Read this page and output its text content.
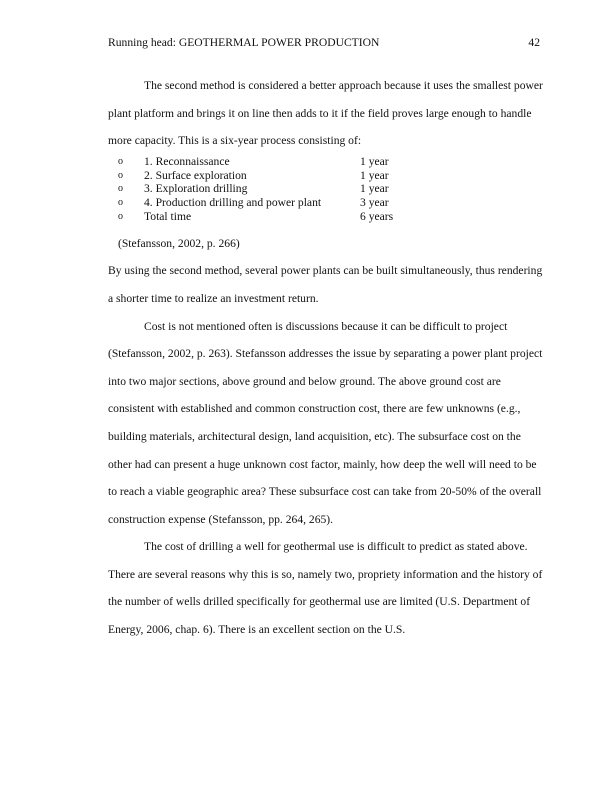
Running head: GEOTHERMAL POWER PRODUCTION	42

The second method is considered a better approach because it uses the smallest power plant platform and brings it on line then adds to it if the field proves large enough to handle more capacity. This is a six-year process consisting of:

o 1. Reconnaissance	1 year
o 2. Surface exploration	1 year
o 3. Exploration drilling	1 year
o 4. Production drilling and power plant	3 year
o Total time	6 years

(Stefansson, 2002, p. 266)

By using the second method, several power plants can be built simultaneously, thus rendering a shorter time to realize an investment return.

Cost is not mentioned often is discussions because it can be difficult to project (Stefansson, 2002, p. 263). Stefansson addresses the issue by separating a power plant project into two major sections, above ground and below ground. The above ground cost are consistent with established and common construction cost, there are few unknowns (e.g., building materials, architectural design, land acquisition, etc). The subsurface cost on the other had can present a huge unknown cost factor, mainly, how deep the well will need to be to reach a viable geographic area? These subsurface cost can take from 20-50% of the overall construction expense (Stefansson, pp. 264, 265).

The cost of drilling a well for geothermal use is difficult to predict as stated above. There are several reasons why this is so, namely two, propriety information and the history of the number of wells drilled specifically for geothermal use are limited (U.S. Department of Energy, 2006, chap. 6). There is an excellent section on the U.S.
